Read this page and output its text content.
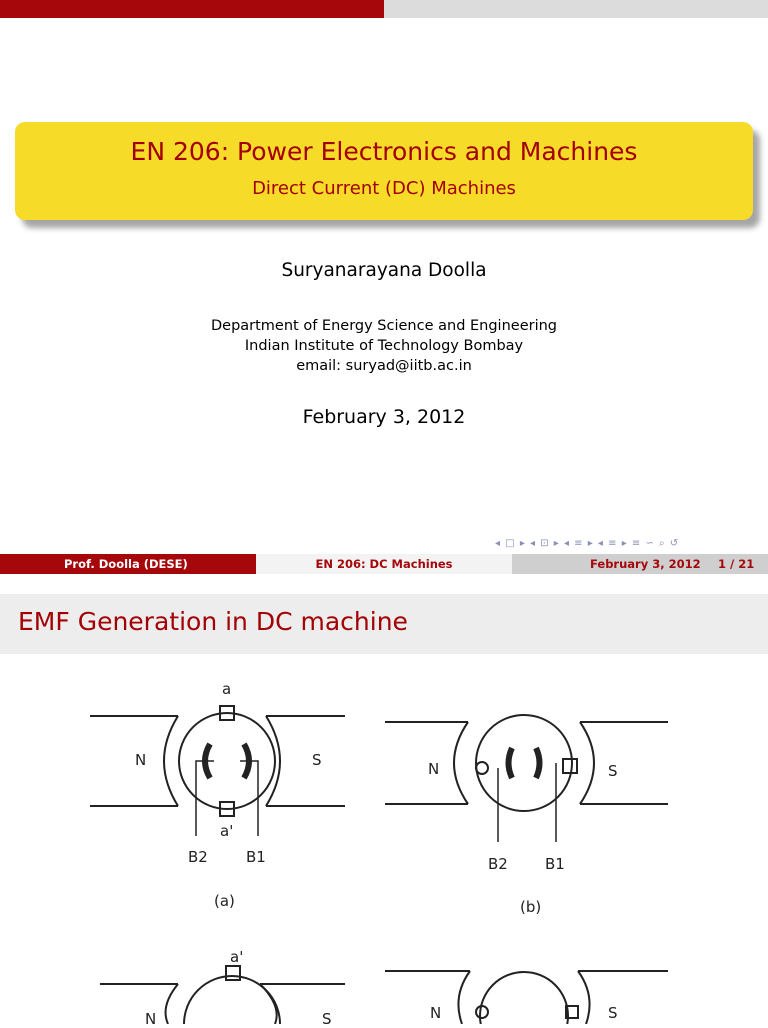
EN 206: Power Electronics and Machines
Direct Current (DC) Machines
Suryanarayana Doolla
Department of Energy Science and Engineering
Indian Institute of Technology Bombay
email: suryad@iitb.ac.in
February 3, 2012
◂ □ ▸ ◂ ⊡ ▸ ◂ ≡ ▸ ◂ ≡ ▸ ≡ ∽ ⌕ ↺
Prof. Doolla (DESE)	EN 206: DC Machines	February 3, 2012 1 / 21
EMF Generation in DC machine
a
a'
N	S
B2	B1
(a)
N	S
B2 B1
(b)
a'
N	S	N	S
